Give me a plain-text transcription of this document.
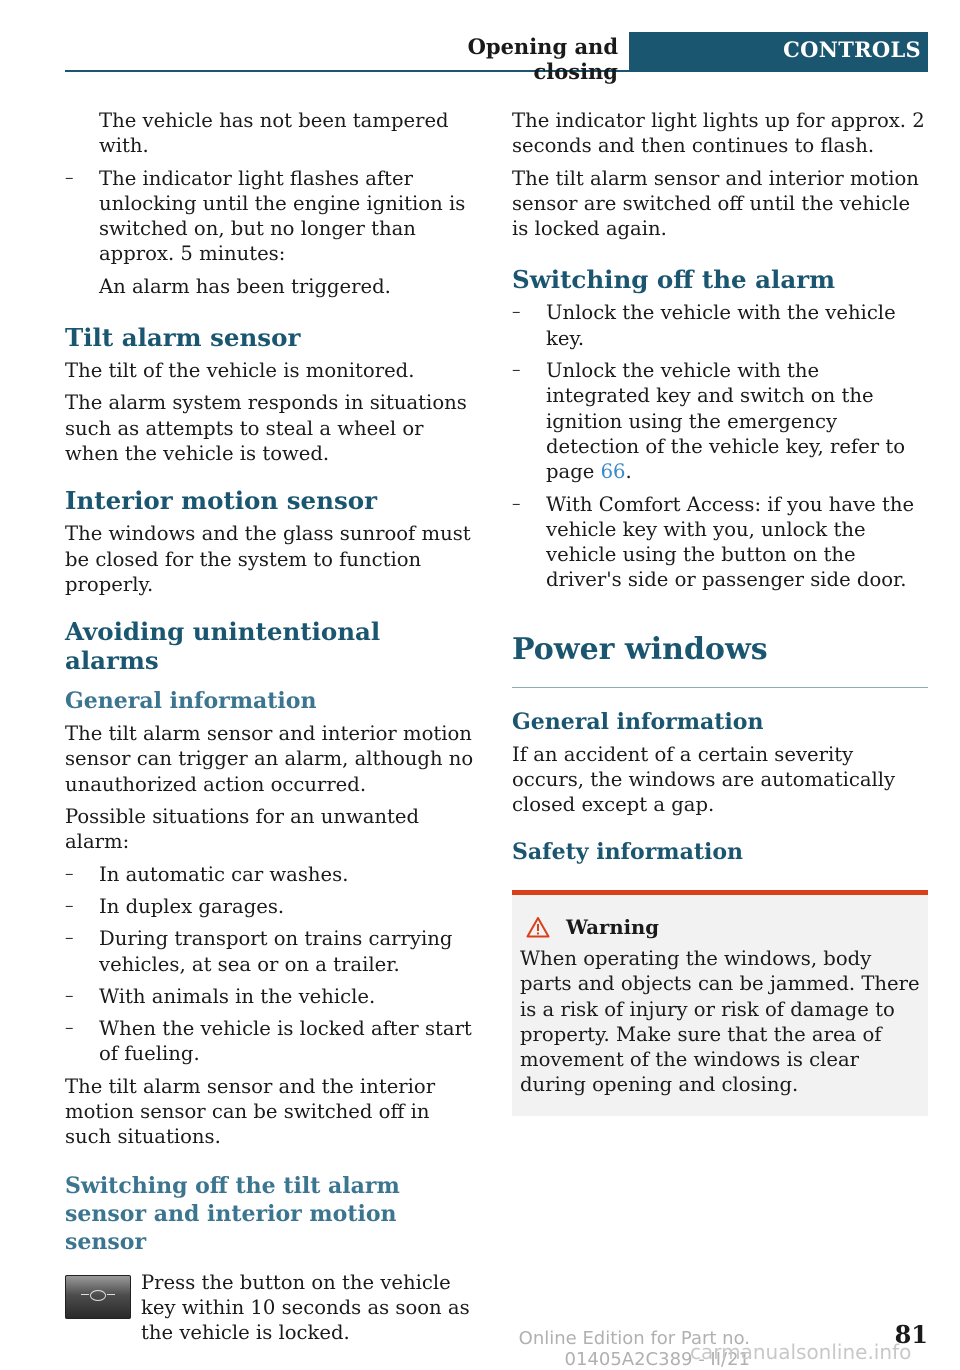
Opening and closing
CONTROLS

The vehicle has not been tampered with.

– The indicator light flashes after unlocking until the engine ignition is switched on, but no longer than approx. 5 minutes:

An alarm has been triggered.

Tilt alarm sensor

The tilt of the vehicle is monitored.

The alarm system responds in situations such as attempts to steal a wheel or when the vehicle is towed.

Interior motion sensor

The windows and the glass sunroof must be closed for the system to function properly.

Avoiding unintentional alarms
General information

The tilt alarm sensor and interior motion sensor can trigger an alarm, although no unauthorized action occurred.

Possible situations for an unwanted alarm:

– In automatic car washes.
– In duplex garages.
– During transport on trains carrying vehicles, at sea or on a trailer.
– With animals in the vehicle.
– When the vehicle is locked after start of fueling.

The tilt alarm sensor and the interior motion sensor can be switched off in such situations.

Switching off the tilt alarm sensor and interior motion sensor

Press the button on the vehicle key within 10 seconds as soon as the vehicle is locked.

The indicator light lights up for approx. 2 seconds and then continues to flash.

The tilt alarm sensor and interior motion sensor are switched off until the vehicle is locked again.

Switching off the alarm
– Unlock the vehicle with the vehicle key.
– Unlock the vehicle with the integrated key and switch on the ignition using the emergency detection of the vehicle key, refer to page 66.
– With Comfort Access: if you have the vehicle key with you, unlock the vehicle using the button on the driver's side or passenger side door.
Power windows
General information

If an accident of a certain severity occurs, the windows are automatically closed except a gap.

Safety information
Warning

When operating the windows, body parts and objects can be jammed. There is a risk of injury or risk of damage to property. Make sure that the area of movement of the windows is clear during opening and closing.

Online Edition for Part no. 01405A2C389 - II/21
81
carmanualsonline.info
